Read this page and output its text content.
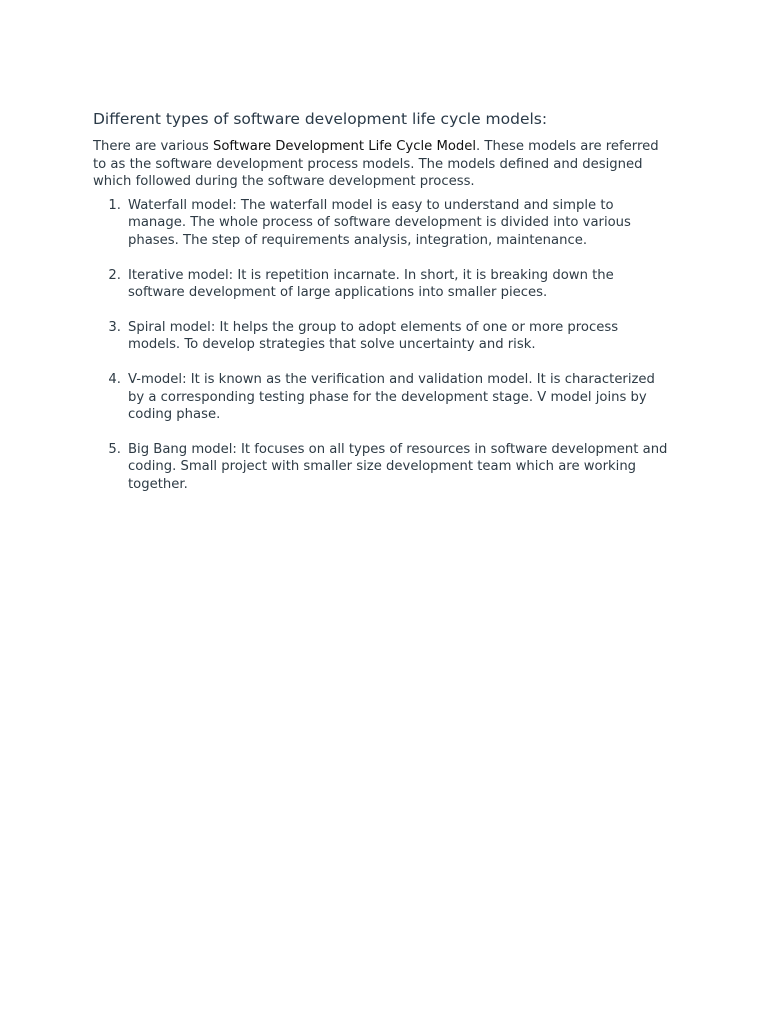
Different types of software development life cycle models:

There are various Software Development Life Cycle Model. These models are referred to as the software development process models. The models defined and designed which followed during the software development process.

1. Waterfall model: The waterfall model is easy to understand and simple to manage. The whole process of software development is divided into various phases. The step of requirements analysis, integration, maintenance.
2. Iterative model: It is repetition incarnate. In short, it is breaking down the software development of large applications into smaller pieces.
3. Spiral model: It helps the group to adopt elements of one or more process models. To develop strategies that solve uncertainty and risk.
4. V-model: It is known as the verification and validation model. It is characterized by a corresponding testing phase for the development stage. V model joins by coding phase.
5. Big Bang model: It focuses on all types of resources in software development and coding. Small project with smaller size development team which are working together.
